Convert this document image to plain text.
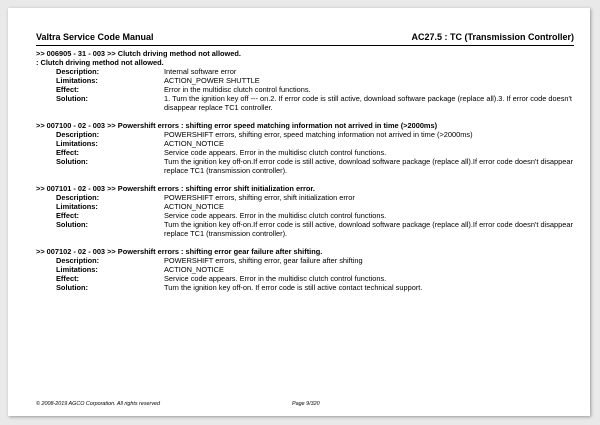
Valtra Service Code Manual	AC27.5 : TC (Transmission Controller)
>> 006905 - 31 - 003 >> Clutch driving method not allowed.
: Clutch driving method not allowed.
Description:	Internal software error
Limitations:	ACTION_POWER SHUTTLE
Effect:	Error in the multidisc clutch control functions.
Solution:	1. Turn the ignition key off --- on.2. If error code is still active, download software package (replace all).3. If error code doesn't disappear replace TC1 controller.
>> 007100 - 02 - 003 >> Powershift errors : shifting error speed matching information not arrived in time (>2000ms)
Description:	POWERSHIFT errors, shifting error, speed matching information not arrived in time (>2000ms)
Limitations:	ACTION_NOTICE
Effect:	Service code appears. Error in the multidisc clutch control functions.
Solution:	Turn the ignition key off-on.If error code is still active, download software package (replace all).If error code doesn't disappear replace TC1 (transmission controller).
>> 007101 - 02 - 003 >> Powershift errors : shifting error shift initialization error.
Description:	POWERSHIFT errors, shifting error, shift initialization error
Limitations:	ACTION_NOTICE
Effect:	Service code appears. Error in the multidisc clutch control functions.
Solution:	Turn the ignition key off-on.If error code is still active, download software package (replace all).If error code doesn't disappear replace TC1 (transmission controller).
>> 007102 - 02 - 003 >> Powershift errors : shifting error gear failure after shifting.
Description:	POWERSHIFT errors, shifting error, gear failure after shifting
Limitations:	ACTION_NOTICE
Effect:	Service code appears. Error in the multidisc clutch control functions.
Solution:	Turn the ignition key off-on. If error code is still active contact technical support.
© 2008-2019 AGCO Corporation. All rights reserved	Page 9/320
